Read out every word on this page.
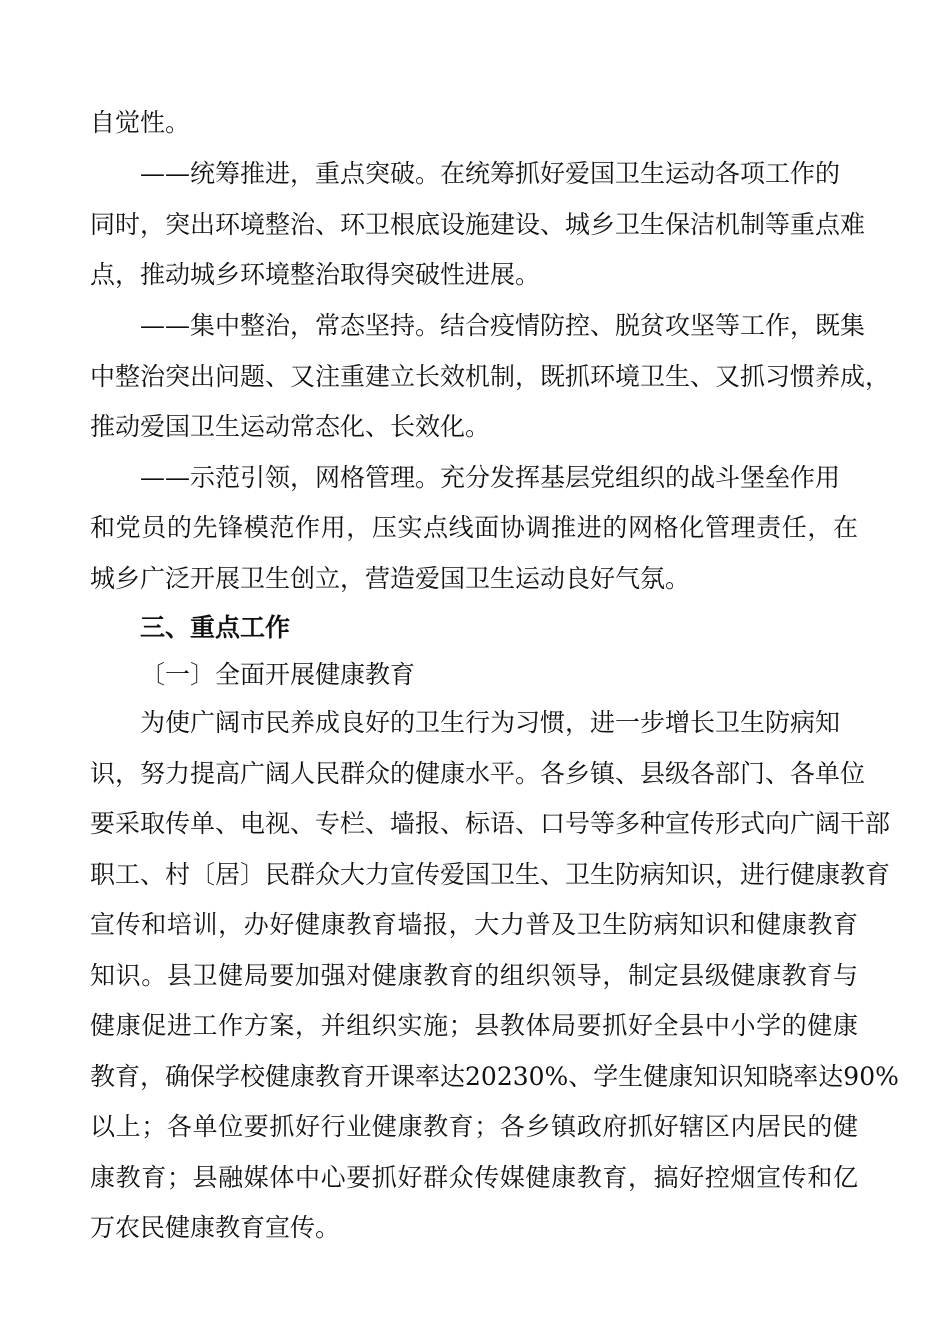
自觉性。
——统筹推进，重点突破。在统筹抓好爱国卫生运动各项工作的
同时，突出环境整治、环卫根底设施建设、城乡卫生保洁机制等重点难
点，推动城乡环境整治取得突破性进展。
——集中整治，常态坚持。结合疫情防控、脱贫攻坚等工作，既集
中整治突出问题、又注重建立长效机制，既抓环境卫生、又抓习惯养成，
推动爱国卫生运动常态化、长效化。
——示范引领，网格管理。充分发挥基层党组织的战斗堡垒作用
和党员的先锋模范作用，压实点线面协调推进的网格化管理责任，在
城乡广泛开展卫生创立，营造爱国卫生运动良好气氛。
三、重点工作
〔一〕全面开展健康教育
为使广阔市民养成良好的卫生行为习惯，进一步增长卫生防病知
识，努力提高广阔人民群众的健康水平。各乡镇、县级各部门、各单位
要采取传单、电视、专栏、墙报、标语、口号等多种宣传形式向广阔干部
职工、村〔居〕民群众大力宣传爱国卫生、卫生防病知识，进行健康教育
宣传和培训，办好健康教育墙报，大力普及卫生防病知识和健康教育
知识。县卫健局要加强对健康教育的组织领导，制定县级健康教育与
健康促进工作方案，并组织实施；县教体局要抓好全县中小学的健康
教育，确保学校健康教育开课率达20230%、学生健康知识知晓率达90%
以上；各单位要抓好行业健康教育；各乡镇政府抓好辖区内居民的健
康教育；县融媒体中心要抓好群众传媒健康教育，搞好控烟宣传和亿
万农民健康教育宣传。
